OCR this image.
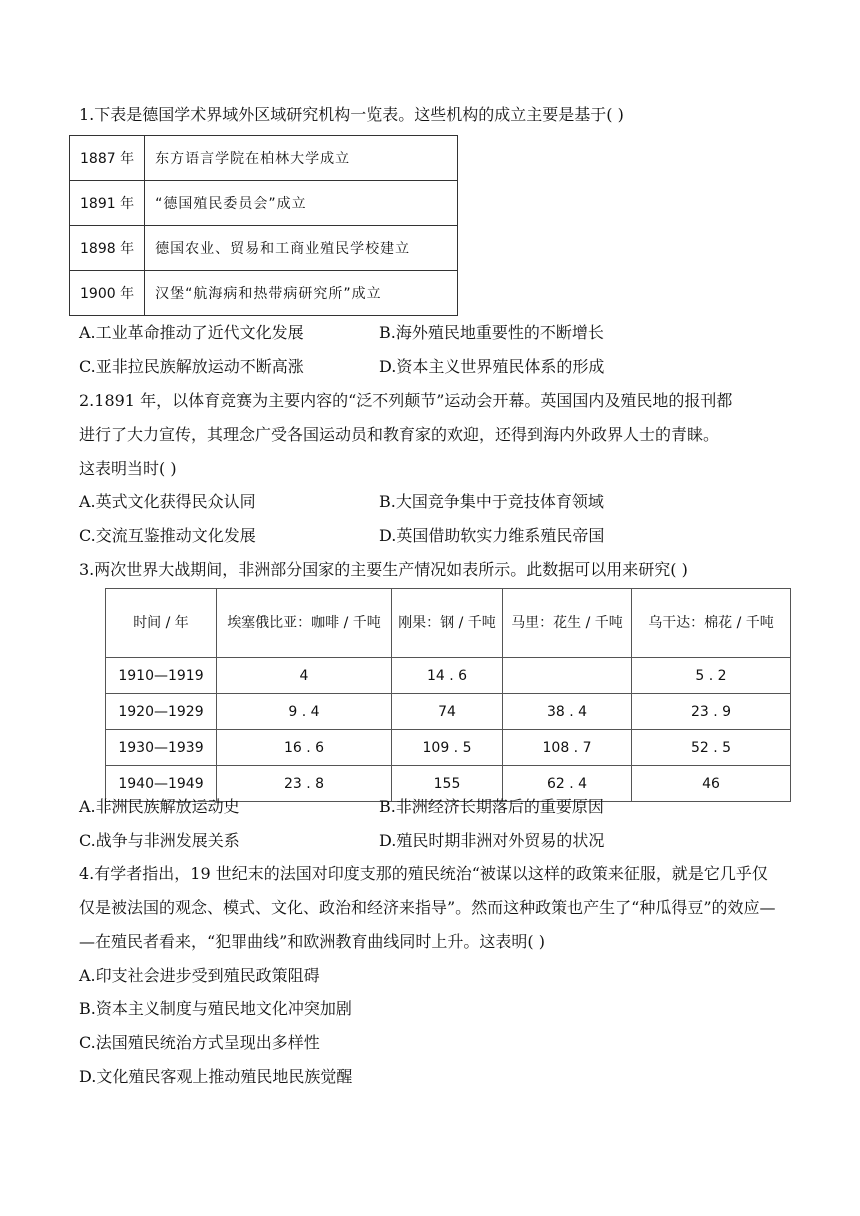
1.下表是德国学术界域外区域研究机构一览表。这些机构的成立主要是基于( )
1887 年	东方语言学院在柏林大学成立
1891 年	“德国殖民委员会”成立
1898 年	德国农业、贸易和工商业殖民学校建立
1900 年	汉堡“航海病和热带病研究所”成立
A.工业革命推动了近代文化发展	B.海外殖民地重要性的不断增长
C.亚非拉民族解放运动不断高涨	D.资本主义世界殖民体系的形成
2.1891 年，以体育竞赛为主要内容的“泛不列颠节”运动会开幕。英国国内及殖民地的报刊都
进行了大力宣传，其理念广受各国运动员和教育家的欢迎，还得到海内外政界人士的青睐。
这表明当时( )
A.英式文化获得民众认同	B.大国竞争集中于竞技体育领域
C.交流互鉴推动文化发展	D.英国借助软实力维系殖民帝国
3.两次世界大战期间，非洲部分国家的主要生产情况如表所示。此数据可以用来研究( )
时间 / 年	埃塞俄比亚：咖啡 / 千吨	刚果：钢 / 千吨	马里：花生 / 千吨	乌干达：棉花 / 千吨

1910—1919	4	14 . 6		5 . 2
1920—1929	9 . 4	74	38 . 4	23 . 9
1930—1939	16 . 6	109 . 5	108 . 7	52 . 5
1940—1949	23 . 8	155	62 . 4	46
A.非洲民族解放运动史	B.非洲经济长期落后的重要原因
C.战争与非洲发展关系	D.殖民时期非洲对外贸易的状况
4.有学者指出，19 世纪末的法国对印度支那的殖民统治“被谋以这样的政策来征服，就是它几乎仅
仅是被法国的观念、模式、文化、政治和经济来指导”。然而这种政策也产生了“种瓜得豆”的效应—
—在殖民者看来，“犯罪曲线”和欧洲教育曲线同时上升。这表明( )
A.印支社会进步受到殖民政策阻碍
B.资本主义制度与殖民地文化冲突加剧
C.法国殖民统治方式呈现出多样性
D.文化殖民客观上推动殖民地民族觉醒
